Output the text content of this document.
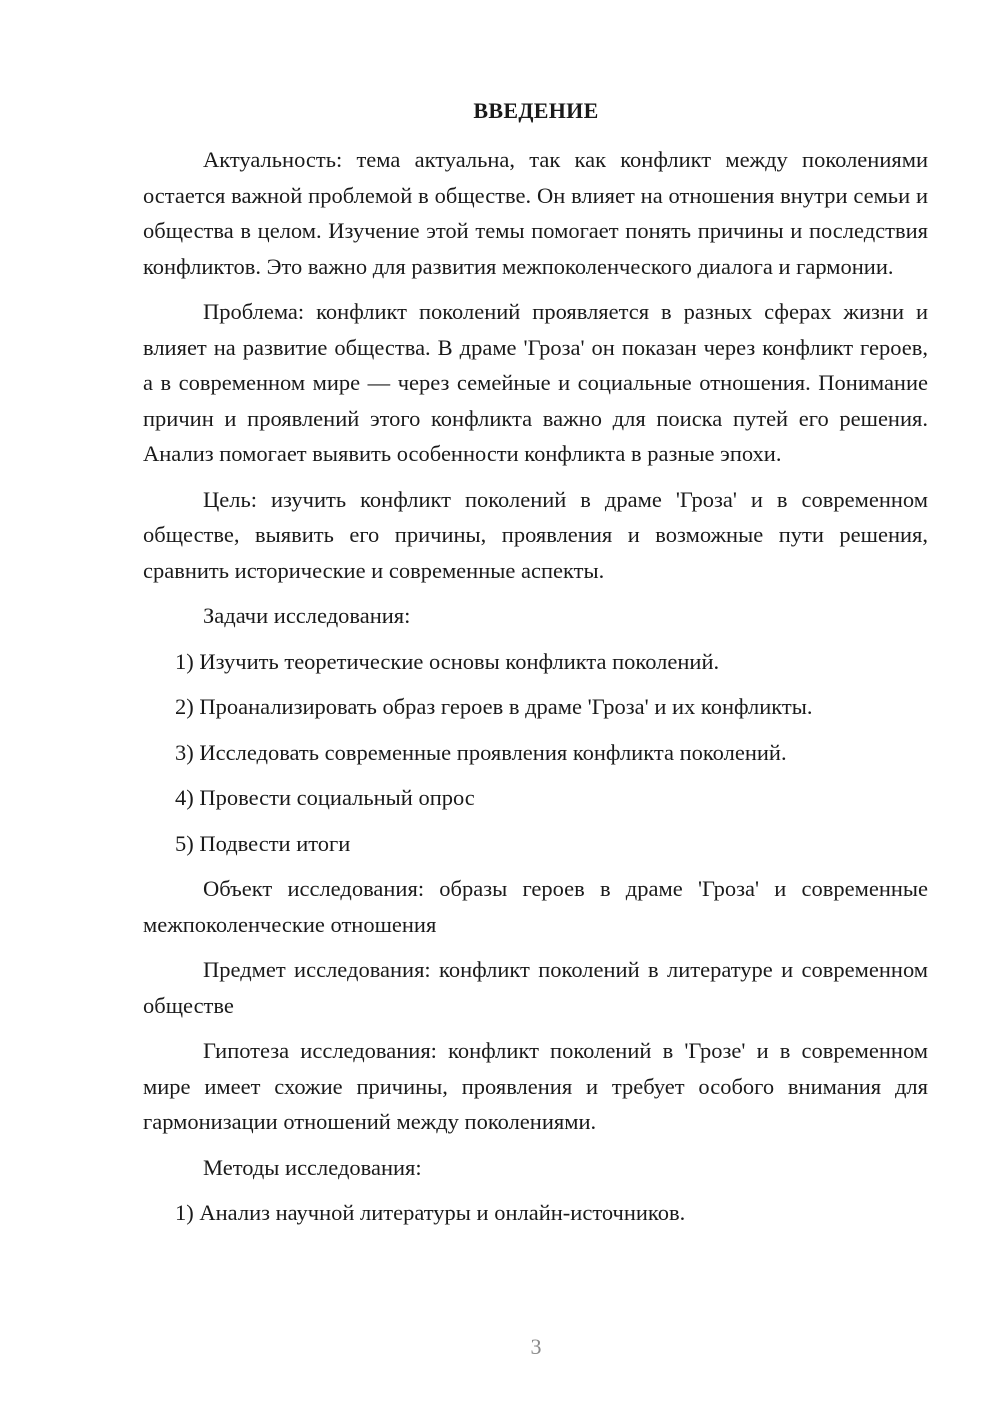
ВВЕДЕНИЕ

Актуальность: тема актуальна, так как конфликт между поколениями остается важной проблемой в обществе. Он влияет на отношения внутри семьи и общества в целом. Изучение этой темы помогает понять причины и последствия конфликтов. Это важно для развития межпоколенческого диалога и гармонии.

Проблема: конфликт поколений проявляется в разных сферах жизни и влияет на развитие общества. В драме 'Гроза' он показан через конфликт героев, а в современном мире — через семейные и социальные отношения. Понимание причин и проявлений этого конфликта важно для поиска путей его решения. Анализ помогает выявить особенности конфликта в разные эпохи.

Цель: изучить конфликт поколений в драме 'Гроза' и в современном обществе, выявить его причины, проявления и возможные пути решения, сравнить исторические и современные аспекты.

Задачи исследования:

1) Изучить теоретические основы конфликта поколений.

2) Проанализировать образ героев в драме 'Гроза' и их конфликты.

3) Исследовать современные проявления конфликта поколений.

4) Провести социальный опрос

5) Подвести итоги

Объект исследования: образы героев в драме 'Гроза' и современные межпоколенческие отношения

Предмет исследования: конфликт поколений в литературе и современном обществе

Гипотеза исследования: конфликт поколений в 'Грозе' и в современном мире имеет схожие причины, проявления и требует особого внимания для гармонизации отношений между поколениями.

Методы исследования:

1) Анализ научной литературы и онлайн-источников.

3
